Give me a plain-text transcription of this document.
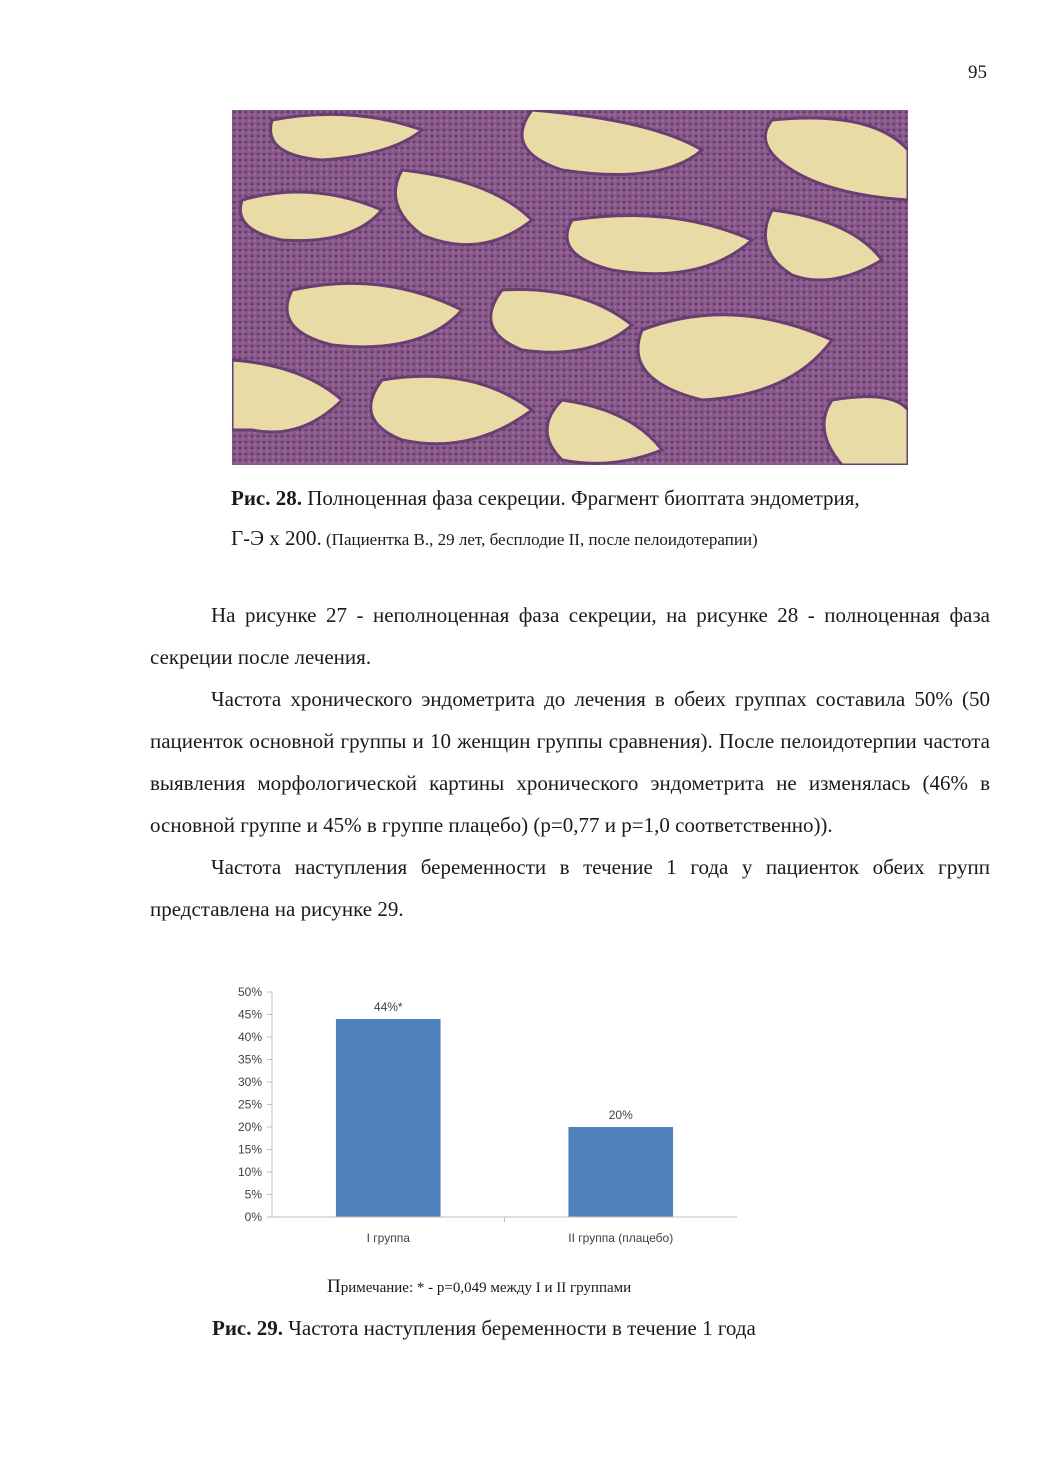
95
Рис. 28. Полноценная фаза секреции. Фрагмент биоптата эндометрия,
Г-Э х 200. (Пациентка В., 29 лет, бесплодие II, после пелоидотерапии)

На рисунке 27 - неполноценная фаза секреции, на рисунке 28 - полноценная фаза секреции после лечения.

Частота хронического эндометрита до лечения в обеих группах составила 50% (50 пациенток основной группы и 10 женщин группы сравнения). После пелоидотерпии частота выявления морфологической картины хронического эндометрита не изменялась (46% в основной группе и 45% в группе плацебо) (р=0,77 и р=1,0 соответственно)).

Частота наступления беременности в течение 1 года у пациенток обеих групп представлена на рисунке 29.

0%
5%
10%
15%
20%
25%
30%
35%
40%
45%
50%
44%*
20%
I группа	II группа (плацебо)
Примечание: * - р=0,049 между I и II группами
Рис. 29. Частота наступления беременности в течение 1 года
